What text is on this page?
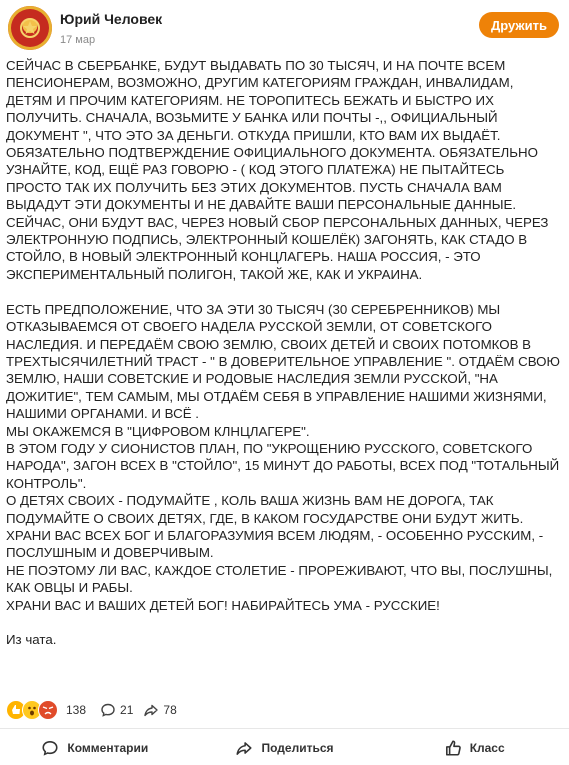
Юрий Человек
17 мар
Дружить
СЕЙЧАС В СБЕРБАНКЕ, БУДУТ ВЫДАВАТЬ ПО 30 ТЫСЯЧ, И НА ПОЧТЕ ВСЕМ ПЕНСИОНЕРАМ, ВОЗМОЖНО, ДРУГИМ КАТЕГОРИЯМ ГРАЖДАН, ИНВАЛИДАМ, ДЕТЯМ И ПРОЧИМ КАТЕГОРИЯМ. НЕ ТОРОПИТЕСЬ БЕЖАТЬ И БЫСТРО ИХ ПОЛУЧИТЬ. СНАЧАЛА, ВОЗЬМИТЕ У БАНКА ИЛИ ПОЧТЫ -,, ОФИЦИАЛЬНЫЙ ДОКУМЕНТ ", ЧТО ЭТО ЗА ДЕНЬГИ. ОТКУДА ПРИШЛИ, КТО ВАМ ИХ ВЫДАЁТ. ОБЯЗАТЕЛЬНО ПОДТВЕРЖДЕНИЕ ОФИЦИАЛЬНОГО ДОКУМЕНТА. ОБЯЗАТЕЛЬНО УЗНАЙТЕ, КОД, ЕЩЁ РАЗ ГОВОРЮ - ( КОД ЭТОГО ПЛАТЕЖА) НЕ ПЫТАЙТЕСЬ ПРОСТО ТАК ИХ ПОЛУЧИТЬ БЕЗ ЭТИХ ДОКУМЕНТОВ. ПУСТЬ СНАЧАЛА ВАМ
ВЫДАДУТ ЭТИ ДОКУМЕНТЫ И НЕ ДАВАЙТЕ ВАШИ ПЕРСОНАЛЬНЫЕ ДАННЫЕ. СЕЙЧАС, ОНИ БУДУТ ВАС, ЧЕРЕЗ НОВЫЙ СБОР ПЕРСОНАЛЬНЫХ ДАННЫХ, ЧЕРЕЗ ЭЛЕКТРОННУЮ ПОДПИСЬ, ЭЛЕКТРОННЫЙ КОШЕЛЁК) ЗАГОНЯТЬ, КАК СТАДО В СТОЙЛО, В НОВЫЙ ЭЛЕКТРОННЫЙ КОНЦЛАГЕРЬ. НАША РОССИЯ, - ЭТО ЭКСПЕРИМЕНТАЛЬНЫЙ ПОЛИГОН, ТАКОЙ ЖЕ, КАК И УКРАИНА.

ЕСТЬ ПРЕДПОЛОЖЕНИЕ, ЧТО ЗА ЭТИ 30 ТЫСЯЧ (30 СЕРЕБРЕННИКОВ) МЫ ОТКАЗЫВАЕМСЯ ОТ СВОЕГО НАДЕЛА РУССКОЙ ЗЕМЛИ, ОТ СОВЕТСКОГО НАСЛЕДИЯ. И ПЕРЕДАЁМ СВОЮ ЗЕМЛЮ, СВОИХ ДЕТЕЙ И СВОИХ ПОТОМКОВ В ТРЕХТЫСЯЧИЛЕТНИЙ ТРАСТ - " В ДОВЕРИТЕЛЬНОЕ УПРАВЛЕНИЕ ". ОТДАЁМ СВОЮ ЗЕМЛЮ, НАШИ СОВЕТСКИЕ И РОДОВЫЕ НАСЛЕДИЯ ЗЕМЛИ РУССКОЙ, "НА ДОЖИТИЕ", ТЕМ САМЫМ, МЫ ОТДАЁМ СЕБЯ В УПРАВЛЕНИЕ НАШИМИ ЖИЗНЯМИ, НАШИМИ ОРГАНАМИ. И ВСЁ .
МЫ ОКАЖЕМСЯ В "ЦИФРОВОМ КЛНЦЛАГЕРЕ".
В ЭТОМ ГОДУ У СИОНИСТОВ ПЛАН, ПО "УКРОЩЕНИЮ РУССКОГО, СОВЕТСКОГО НАРОДА", ЗАГОН ВСЕХ В "СТОЙЛО", 15 МИНУТ ДО РАБОТЫ, ВСЕХ ПОД "ТОТАЛЬНЫЙ КОНТРОЛЬ".
О ДЕТЯХ СВОИХ - ПОДУМАЙТЕ , КОЛЬ ВАША ЖИЗНЬ ВАМ НЕ ДОРОГА, ТАК ПОДУМАЙТЕ О СВОИХ ДЕТЯХ, ГДЕ, В КАКОМ ГОСУДАРСТВЕ ОНИ БУДУТ ЖИТЬ. ХРАНИ ВАС ВСЕХ БОГ И БЛАГОРАЗУМИЯ ВСЕМ ЛЮДЯМ, - ОСОБЕННО РУССКИМ, - ПОСЛУШНЫМ И ДОВЕРЧИВЫМ.
НЕ ПОЭТОМУ ЛИ ВАС, КАЖДОЕ СТОЛЕТИЕ - ПРОРЕЖИВАЮТ, ЧТО ВЫ, ПОСЛУШНЫ, КАК ОВЦЫ И РАБЫ.
ХРАНИ ВАС И ВАШИХ ДЕТЕЙ БОГ! НАБИРАЙТЕСЬ УМА - РУССКИЕ!

Из чата.
138	21	78
Комментарии	Поделиться	Класс
